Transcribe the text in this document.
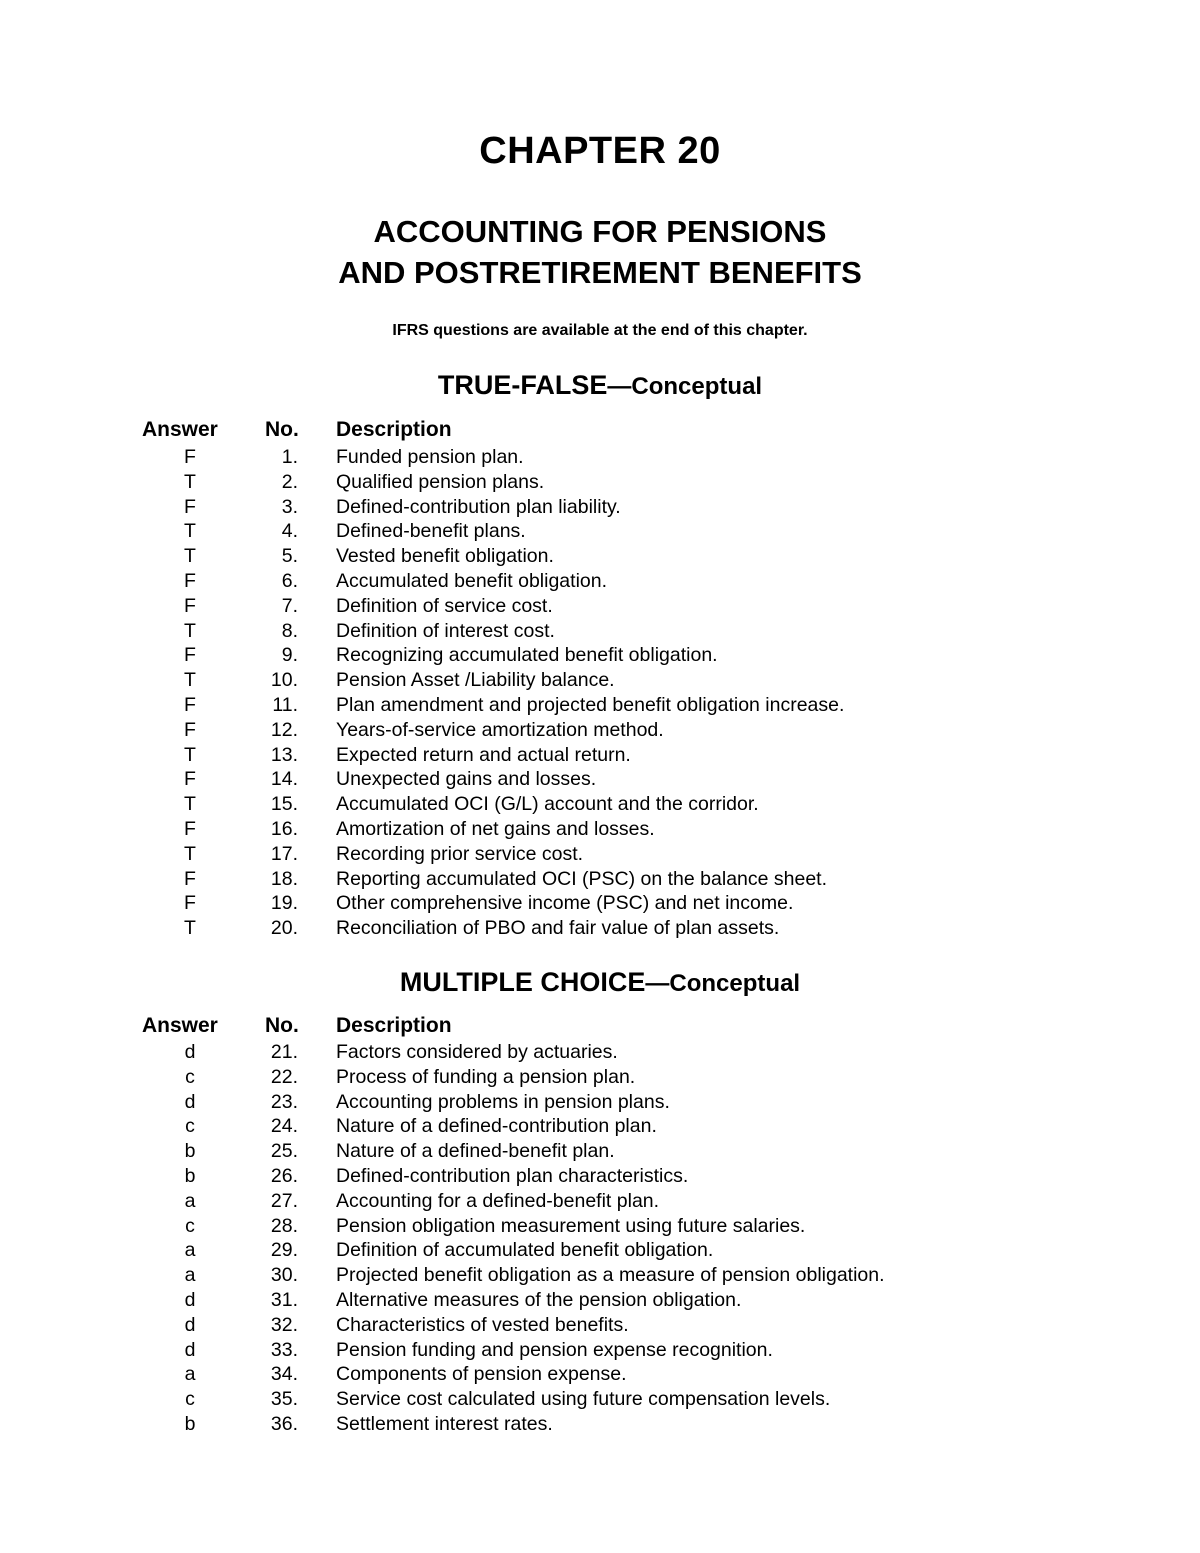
CHAPTER 20
ACCOUNTING FOR PENSIONS
AND POSTRETIREMENT BENEFITS
IFRS questions are available at the end of this chapter.
TRUE-FALSE—Conceptual
Answer No. Description
F	1. Funded pension plan.
T	2. Qualified pension plans.
F	3. Defined-contribution plan liability.
T	4. Defined-benefit plans.
T	5. Vested benefit obligation.
F	6. Accumulated benefit obligation.
F	7. Definition of service cost.
T	8. Definition of interest cost.
F	9. Recognizing accumulated benefit obligation.
T	10. Pension Asset /Liability balance.
F	11. Plan amendment and projected benefit obligation increase.
F	12. Years-of-service amortization method.
T	13. Expected return and actual return.
F	14. Unexpected gains and losses.
T	15. Accumulated OCI (G/L) account and the corridor.
F	16. Amortization of net gains and losses.
T	17. Recording prior service cost.
F	18. Reporting accumulated OCI (PSC) on the balance sheet.
F	19. Other comprehensive income (PSC) and net income.
T	20. Reconciliation of PBO and fair value of plan assets.
MULTIPLE CHOICE—Conceptual
Answer No. Description
d	21. Factors considered by actuaries.
c	22. Process of funding a pension plan.
d	23. Accounting problems in pension plans.
c	24. Nature of a defined-contribution plan.
b	25. Nature of a defined-benefit plan.
b	26. Defined-contribution plan characteristics.
a	27. Accounting for a defined-benefit plan.
c	28. Pension obligation measurement using future salaries.
a	29. Definition of accumulated benefit obligation.
a	30. Projected benefit obligation as a measure of pension obligation.
d	31. Alternative measures of the pension obligation.
d	32. Characteristics of vested benefits.
d	33. Pension funding and pension expense recognition.
a	34. Components of pension expense.
c	35. Service cost calculated using future compensation levels.
b	36. Settlement interest rates.
